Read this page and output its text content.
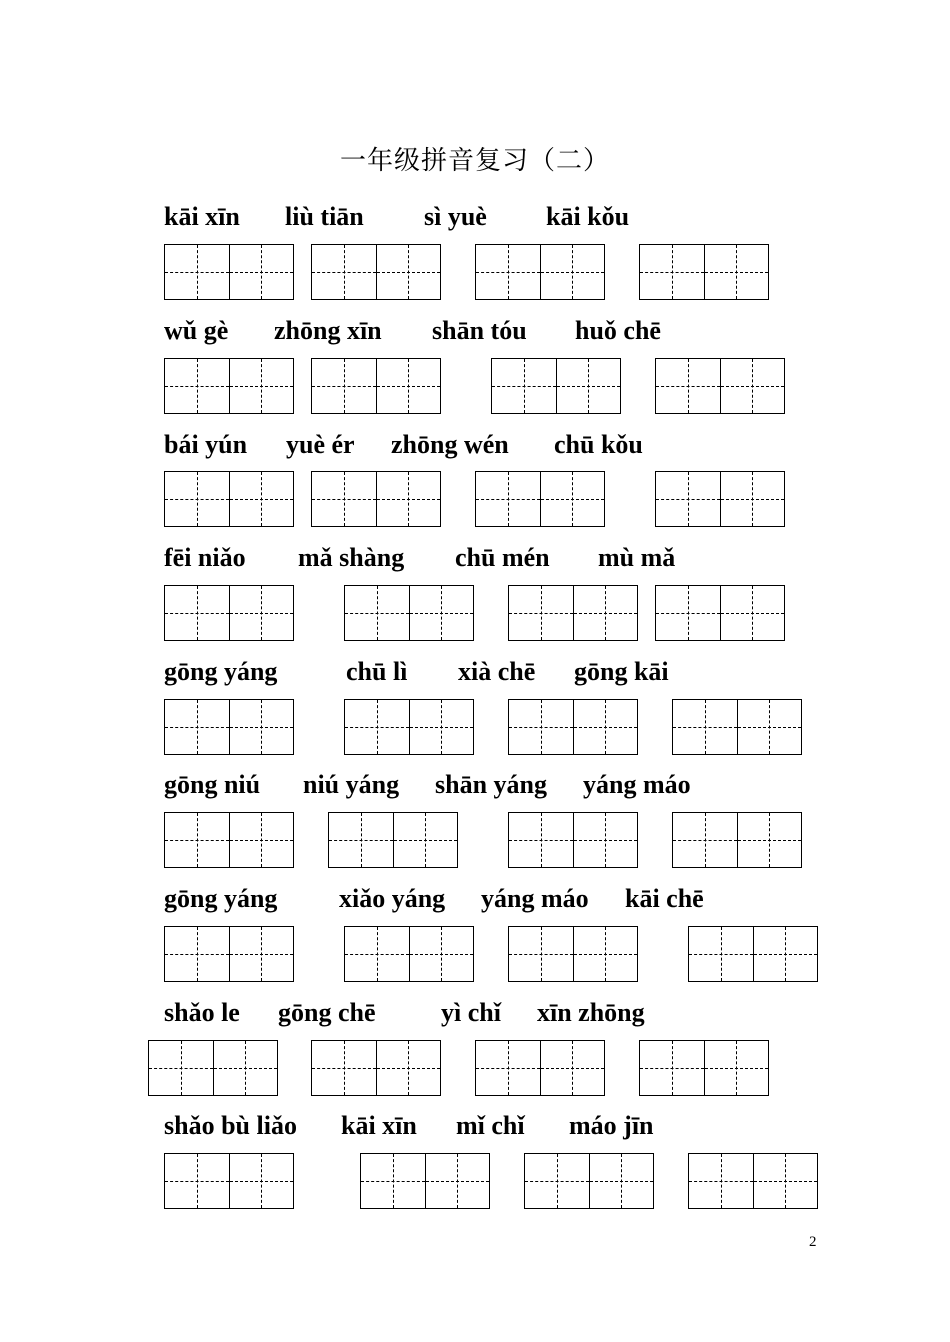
一年级拼音复习（二）
kāi xīn liù tiān sì yuè kāi kǒu
wǔ gè zhōng xīn shān tóu huǒ chē
bái yún yuè ér zhōng wén chū kǒu
fēi niǎo mǎ shàng chū mén mù mǎ
gōng yáng	chū lì xià chē gōng kāi
gōng niú niú yáng shān yáng yáng máo
gōng yáng xiǎo yáng yáng máo kāi chē
shǎo le gōng chē	yì chǐ xīn zhōng
shǎo bù liǎo kāi xīn mǐ chǐ máo jīn
2
